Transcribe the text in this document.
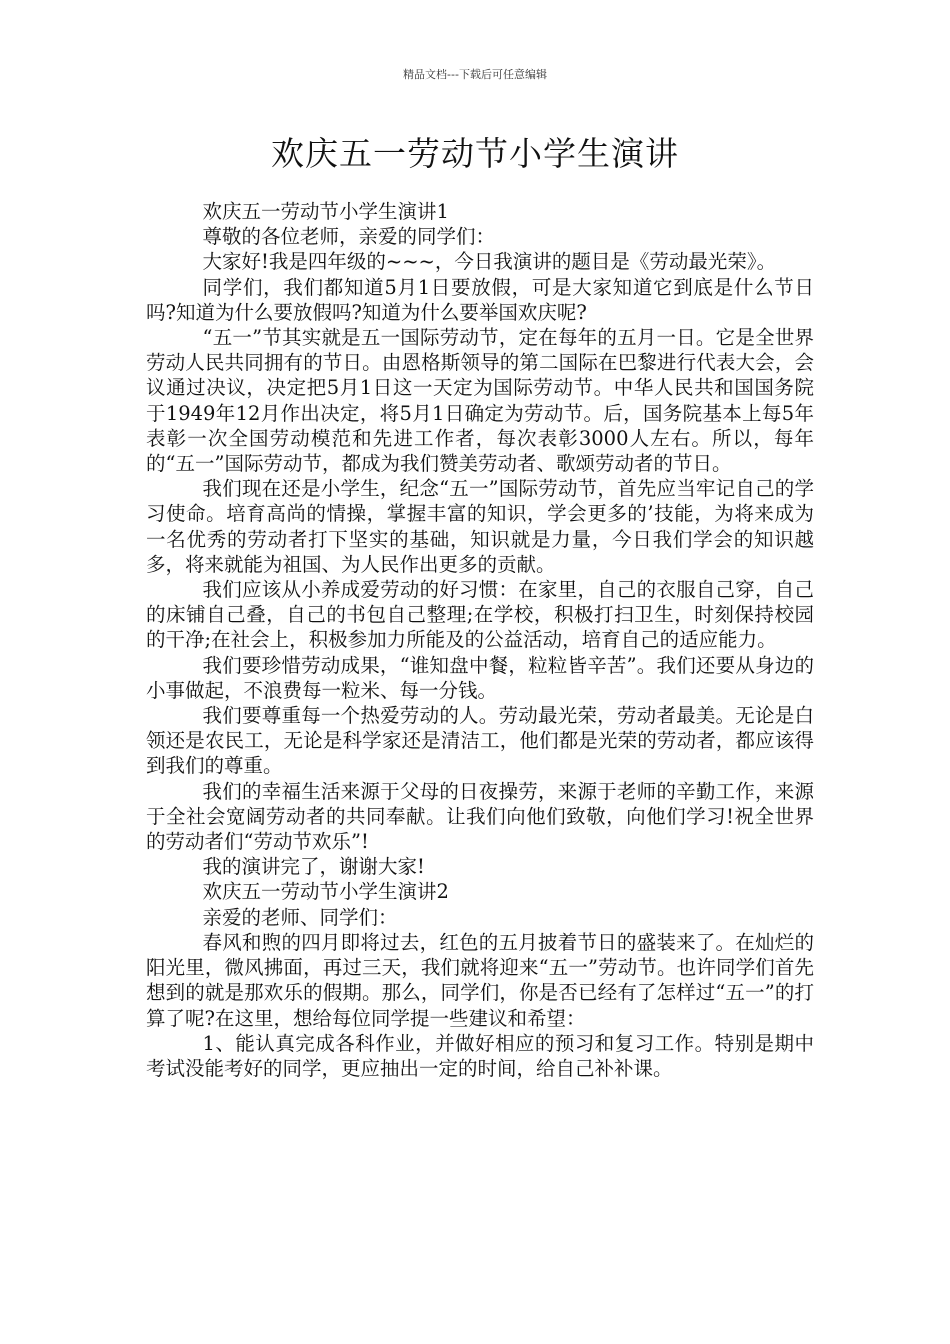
精品文档---下载后可任意编辑
欢庆五一劳动节小学生演讲

欢庆五一劳动节小学生演讲1

尊敬的各位老师，亲爱的同学们：

大家好!我是四年级的~~~，今日我演讲的题目是《劳动最光荣》。

同学们，我们都知道5月1日要放假，可是大家知道它到底是什么节日吗?知道为什么要放假吗?知道为什么要举国欢庆呢?

“五一”节其实就是五一国际劳动节，定在每年的五月一日。它是全世界劳动人民共同拥有的节日。由恩格斯领导的第二国际在巴黎进行代表大会，会议通过决议，决定把5月1日这一天定为国际劳动节。中华人民共和国国务院于1949年12月作出决定，将5月1日确定为劳动节。后，国务院基本上每5年表彰一次全国劳动模范和先进工作者，每次表彰3000人左右。所以，每年的“五一”国际劳动节，都成为我们赞美劳动者、歌颂劳动者的节日。

我们现在还是小学生，纪念“五一”国际劳动节，首先应当牢记自己的学习使命。培育高尚的情操，掌握丰富的知识，学会更多的’技能，为将来成为一名优秀的劳动者打下坚实的基础，知识就是力量，今日我们学会的知识越多，将来就能为祖国、为人民作出更多的贡献。

我们应该从小养成爱劳动的好习惯：在家里，自己的衣服自己穿，自己的床铺自己叠，自己的书包自己整理;在学校，积极打扫卫生，时刻保持校园的干净;在社会上，积极参加力所能及的公益活动，培育自己的适应能力。

我们要珍惜劳动成果，“谁知盘中餐，粒粒皆辛苦”。我们还要从身边的小事做起，不浪费每一粒米、每一分钱。

我们要尊重每一个热爱劳动的人。劳动最光荣，劳动者最美。无论是白领还是农民工，无论是科学家还是清洁工，他们都是光荣的劳动者，都应该得到我们的尊重。

我们的幸福生活来源于父母的日夜操劳，来源于老师的辛勤工作，来源于全社会宽阔劳动者的共同奉献。让我们向他们致敬，向他们学习!祝全世界的劳动者们“劳动节欢乐”!

我的演讲完了，谢谢大家!

欢庆五一劳动节小学生演讲2

亲爱的老师、同学们：

春风和煦的四月即将过去，红色的五月披着节日的盛装来了。在灿烂的阳光里，微风拂面，再过三天，我们就将迎来“五一”劳动节。也许同学们首先想到的就是那欢乐的假期。那么，同学们，你是否已经有了怎样过“五一”的打算了呢?在这里，想给每位同学提一些建议和希望：

1、能认真完成各科作业，并做好相应的预习和复习工作。特别是期中考试没能考好的同学，更应抽出一定的时间，给自己补补课。
